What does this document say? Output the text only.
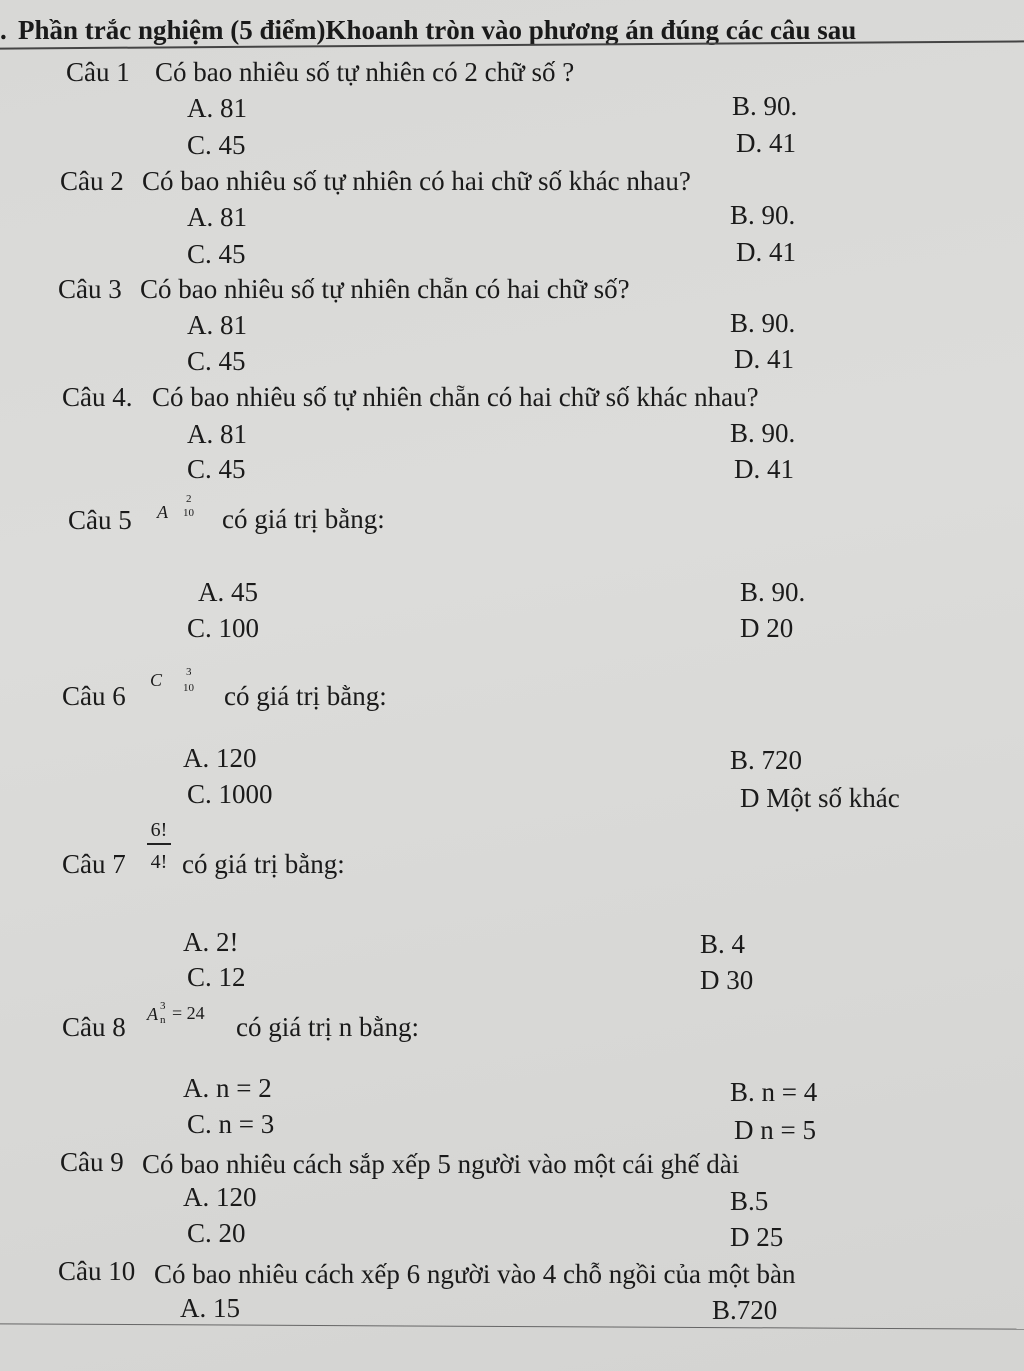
. Phần trắc nghiệm (5 điểm)Khoanh tròn vào phương án đúng các câu sau
Câu 1 Có bao nhiêu số tự nhiên có 2 chữ số ?
A. 81	B. 90.
C. 45	D. 41
Câu 2 Có bao nhiêu số tự nhiên có hai chữ số khác nhau?
A. 81	B. 90.
C. 45	D. 41
Câu 3 Có bao nhiêu số tự nhiên chẵn có hai chữ số?
A. 81	B. 90.
C. 45	D. 41
Câu 4. Có bao nhiêu số tự nhiên chẵn có hai chữ số khác nhau?
A. 81	B. 90.
C. 45	D. 41
Câu 5 A
2
10 có giá trị bằng:
A. 45	B. 90.
C. 100	D 20
Câu 6
C 3
10 có giá trị bằng:
A. 120	B. 720
C. 1000	D Một số khác
Câu 7
6!
4! có giá trị bằng:
A. 2!	B. 4
C. 12	D 30
Câu 8 A 3
n = 24 có giá trị n bằng:
A. n = 2	B. n = 4
C. n = 3	D n = 5
Câu 9 Có bao nhiêu cách sắp xếp 5 người vào một cái ghế dài
A. 120	B.5
C. 20	D 25
Câu 10 Có bao nhiêu cách xếp 6 người vào 4 chỗ ngồi của một bàn
A. 15	B.720
